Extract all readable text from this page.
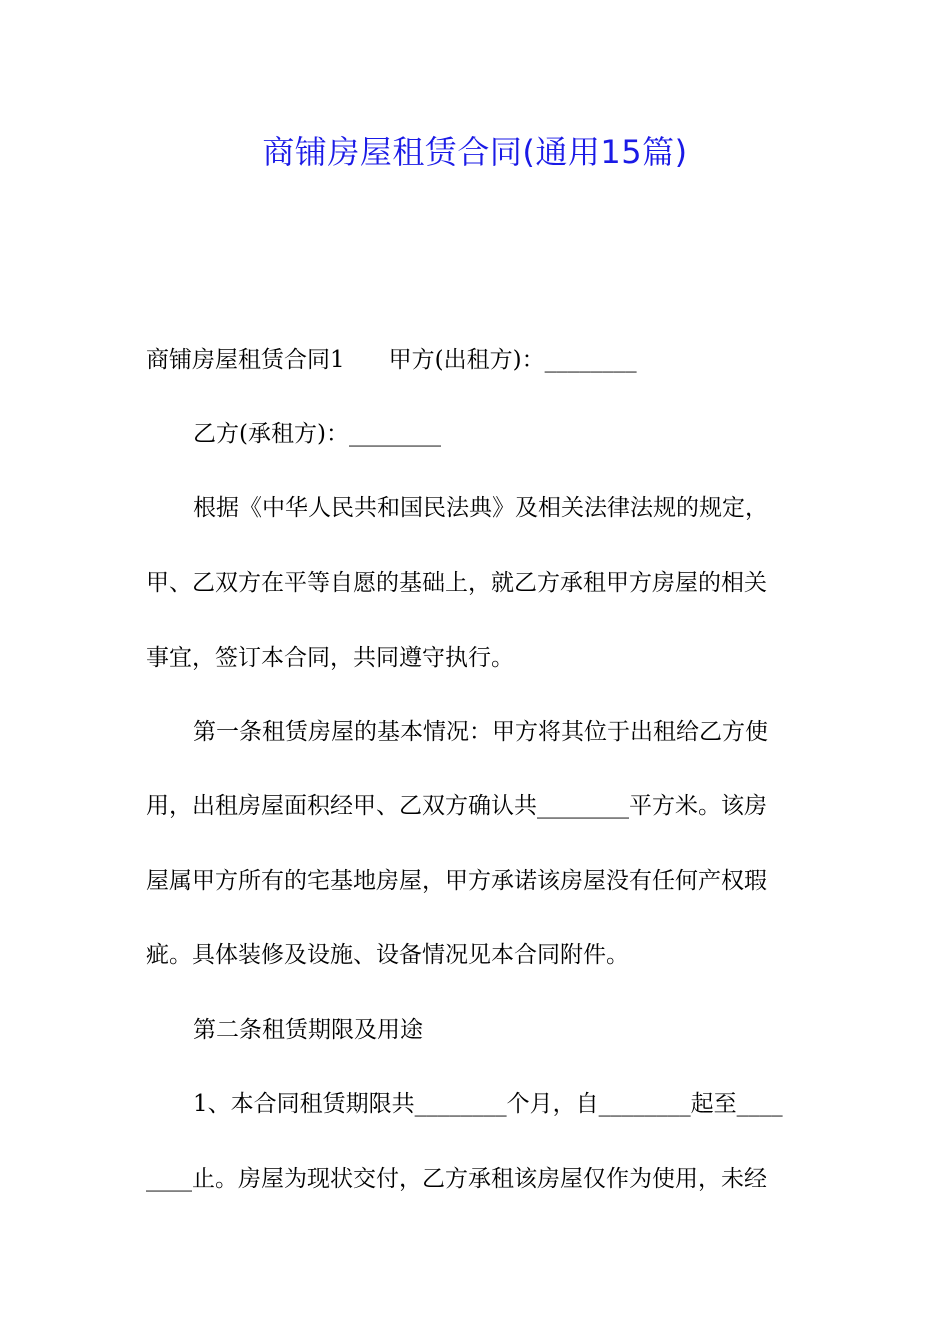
商铺房屋租赁合同(通用15篇)

商铺房屋租赁合同1 甲方(出租方)：________

乙方(承租方)：________

根据《中华人民共和国民法典》及相关法律法规的规定，

甲、乙双方在平等自愿的基础上，就乙方承租甲方房屋的相关

事宜，签订本合同，共同遵守执行。

第一条租赁房屋的基本情况：甲方将其位于出租给乙方使

用，出租房屋面积经甲、乙双方确认共________平方米。该房

屋属甲方所有的宅基地房屋，甲方承诺该房屋没有任何产权瑕

疵。具体装修及设施、设备情况见本合同附件。

第二条租赁期限及用途

1、本合同租赁期限共________个月，自________起至____

____止。房屋为现状交付，乙方承租该房屋仅作为使用，未经
